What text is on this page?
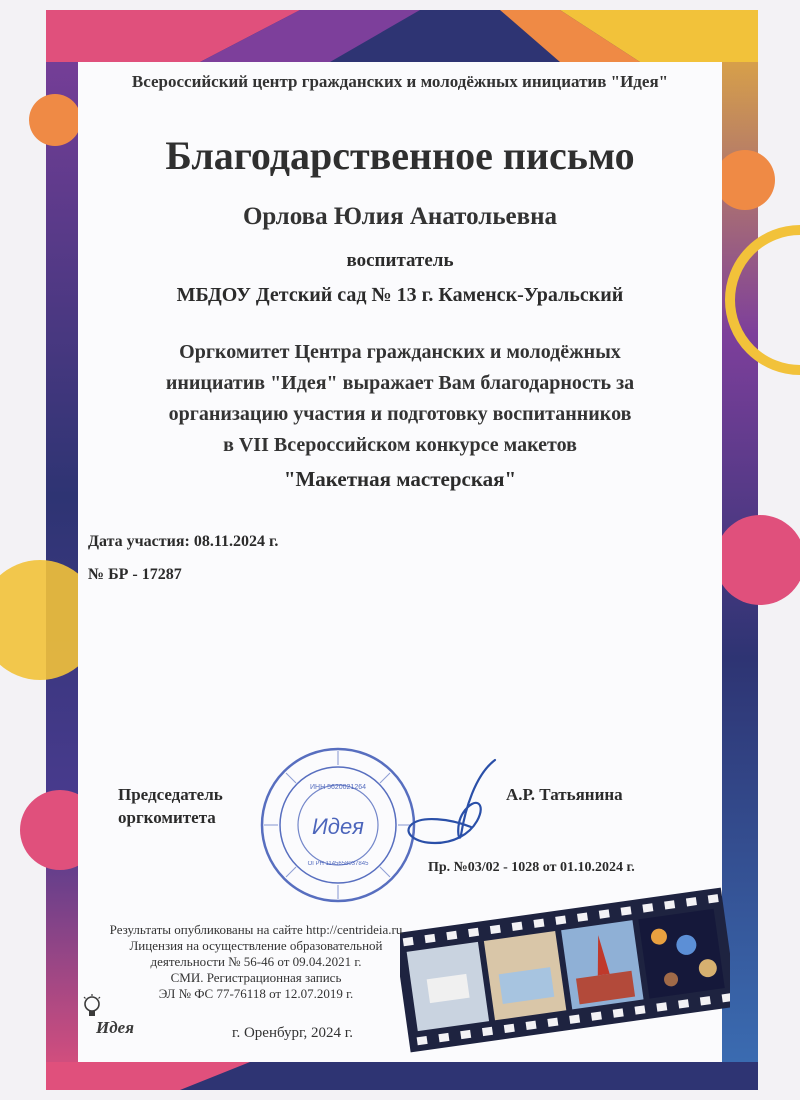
Идея
ИНН 5620021264
ОГРН 1145658037845
Всероссийский центр гражданских и молодёжных инициатив "Идея"
Благодарственное письмо
Орлова Юлия Анатольевна
воспитатель
МБДОУ Детский сад № 13 г. Каменск-Уральский
Оргкомитет Центра гражданских и молодёжных
инициатив "Идея" выражает Вам благодарность за
организацию участия и подготовку воспитанников
в VII Всероссийском конкурсе макетов
"Макетная мастерская"
Дата участия: 08.11.2024 г.
№ БР - 17287
Председатель оргкомитета
А.Р. Татьянина
Пр. №03/02 - 1028 от 01.10.2024 г.
Результаты опубликованы на сайте http://centrideia.ru
Лицензия на осуществление образовательной
деятельности № 56-46 от 09.04.2021 г.
СМИ. Регистрационная запись
ЭЛ № ФС 77-76118 от 12.07.2019 г.
Идея	г. Оренбург, 2024 г.
